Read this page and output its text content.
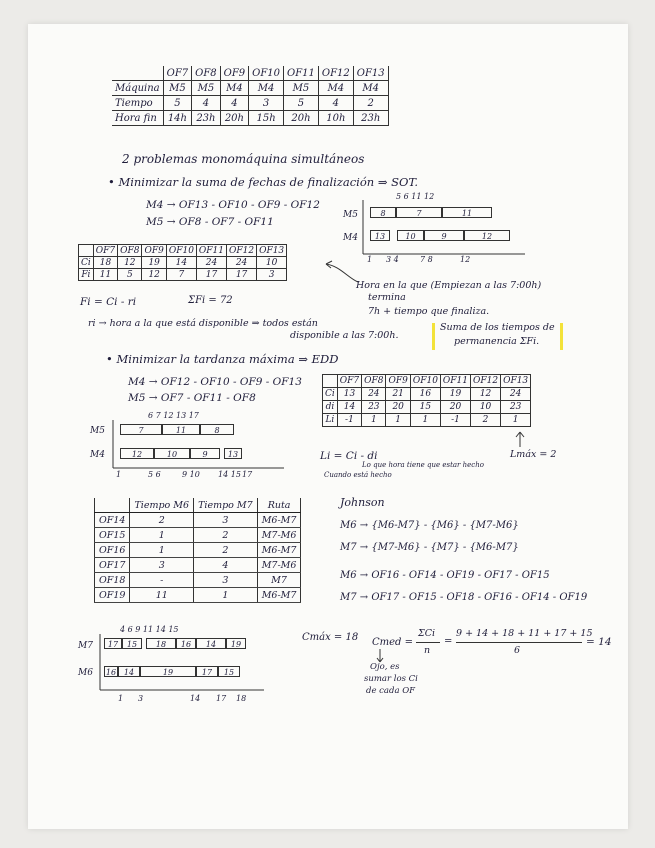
	OF7	OF8	OF9	OF10	OF11	OF12	OF13
Máquina	M5	M5	M4	M4	M5	M4	M4
Tiempo	5	4	4	3	5	4	2
Hora fin	14h	23h	20h	15h	20h	10h	23h
2 problemas monomáquina simultáneos
• Minimizar la suma de fechas de finalización ⇒ SOT.
M4 → OF13 - OF10 - OF9 - OF12
M5 → OF8 - OF7 - OF11
M5
M4
5 6 11 12
8	7	11
13	10	9	12
1 3 4	7 8	12
	OF7	OF8	OF9	OF10	OF11	OF12	OF13
Ci	18	12	19	14	24	24	10
Fi	11	5	12	7	17	17	3
Hora en la que (Empiezan a las 7:00h)
termina
7h + tiempo que finaliza.
Fi = Ci - ri	ΣFi = 72
ri → hora a la que está disponible ⇒ todos están
disponible a las 7:00h.
Suma de los tiempos de
permanencia ΣFi.
• Minimizar la tardanza máxima ⇒ EDD
M4 → OF12 - OF10 - OF9 - OF13
M5 → OF7 - OF11 - OF8
M5
M4
6 7 12 13 17
7	11	8
12	10	9	13
1	5 6	9 10 14 15 17
	OF7	OF8	OF9	OF10	OF11	OF12	OF13
Ci	13	24	21	16	19	12	24
di	14	23	20	15	20	10	23
Li	-1	1	1	1	-1	2	1
Li = Ci - di
Lo que hora tiene que estar hecho
Cuando está hecho
Lmáx = 2
	Tiempo M6	Tiempo M7	Ruta
OF14	2	3	M6-M7
OF15	1	2	M7-M6
OF16	1	2	M6-M7
OF17	3	4	M7-M6
OF18	-	3	M7
OF19	11	1	M6-M7
Johnson
M6 → {M6-M7} - {M6} - {M7-M6}
M7 → {M7-M6} - {M7} - {M6-M7}
M6 → OF16 - OF14 - OF19 - OF17 - OF15
M7 → OF17 - OF15 - OF18 - OF16 - OF14 - OF19
M7
M6
4 6 9 11 14 15
17	15	18	16	14	19
16 14	19	17	15
1 3	14 17 18
Cmáx = 18 Cmed =
ΣCi
n
=
9 + 14 + 18 + 11 + 17 + 15
6
= 14
Ojo, es
sumar los Ci
de cada OF
